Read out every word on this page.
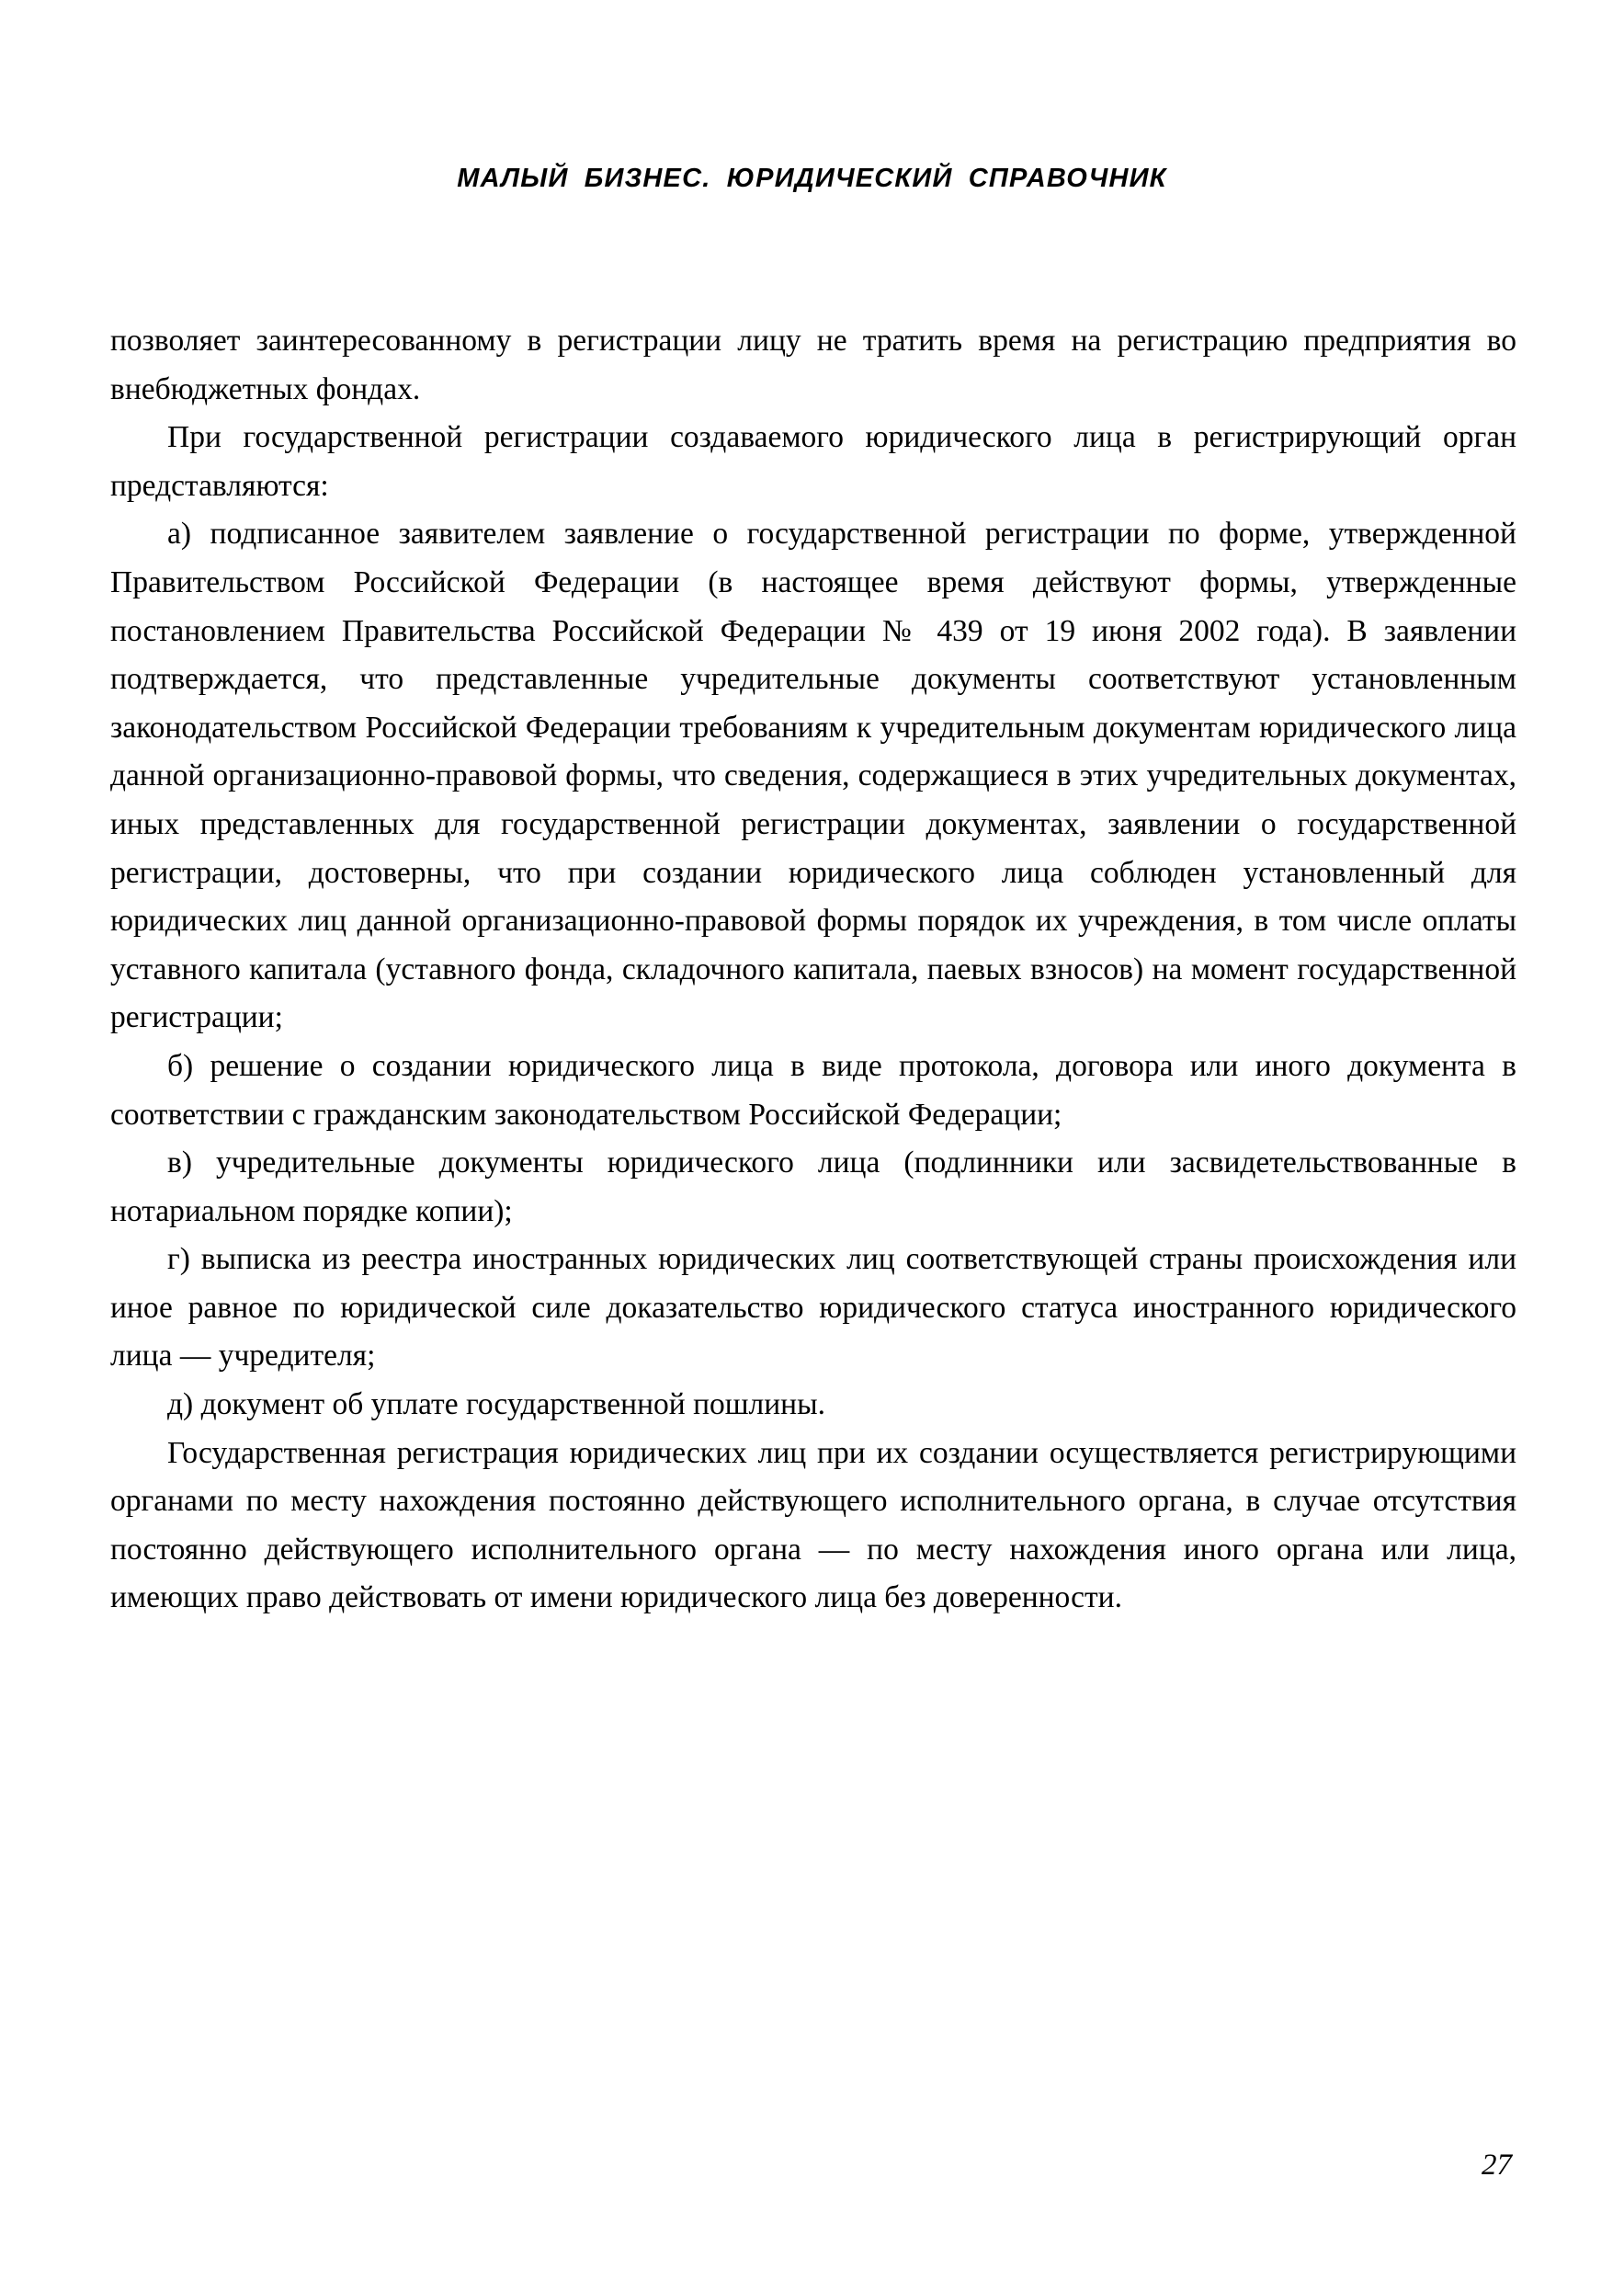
МАЛЫЙ БИЗНЕС. ЮРИДИЧЕСКИЙ СПРАВОЧНИК

позволяет заинтересованному в регистрации лицу не тратить время на регистрацию предприятия во внебюджетных фондах.

При государственной регистрации создаваемого юридического лица в регистрирующий орган представляются:

а) подписанное заявителем заявление о государственной регистрации по форме, утвержденной Правительством Российской Федерации (в настоящее время действуют формы, утвержденные постановлением Правительства Российской Федерации № 439 от 19 июня 2002 года). В заявлении подтверждается, что представленные учредительные документы соответствуют установленным законодательством Российской Федерации требованиям к учредительным документам юридического лица данной организационно-правовой формы, что сведения, содержащиеся в этих учредительных документах, иных представленных для государственной регистрации документах, заявлении о государственной регистрации, достоверны, что при создании юридического лица соблюден установленный для юридических лиц данной организационно-правовой формы порядок их учреждения, в том числе оплаты уставного капитала (уставного фонда, складочного капитала, паевых взносов) на момент государственной регистрации;

б) решение о создании юридического лица в виде протокола, договора или иного документа в соответствии с гражданским законодательством Российской Федерации;

в) учредительные документы юридического лица (подлинники или засвидетельствованные в нотариальном порядке копии);

г) выписка из реестра иностранных юридических лиц соответствующей страны происхождения или иное равное по юридической силе доказательство юридического статуса иностранного юридического лица — учредителя;

д) документ об уплате государственной пошлины.

Государственная регистрация юридических лиц при их создании осуществляется регистрирующими органами по месту нахождения постоянно действующего исполнительного органа, в случае отсутствия постоянно действующего исполнительного органа — по месту нахождения иного органа или лица, имеющих право действовать от имени юридического лица без доверенности.

27
